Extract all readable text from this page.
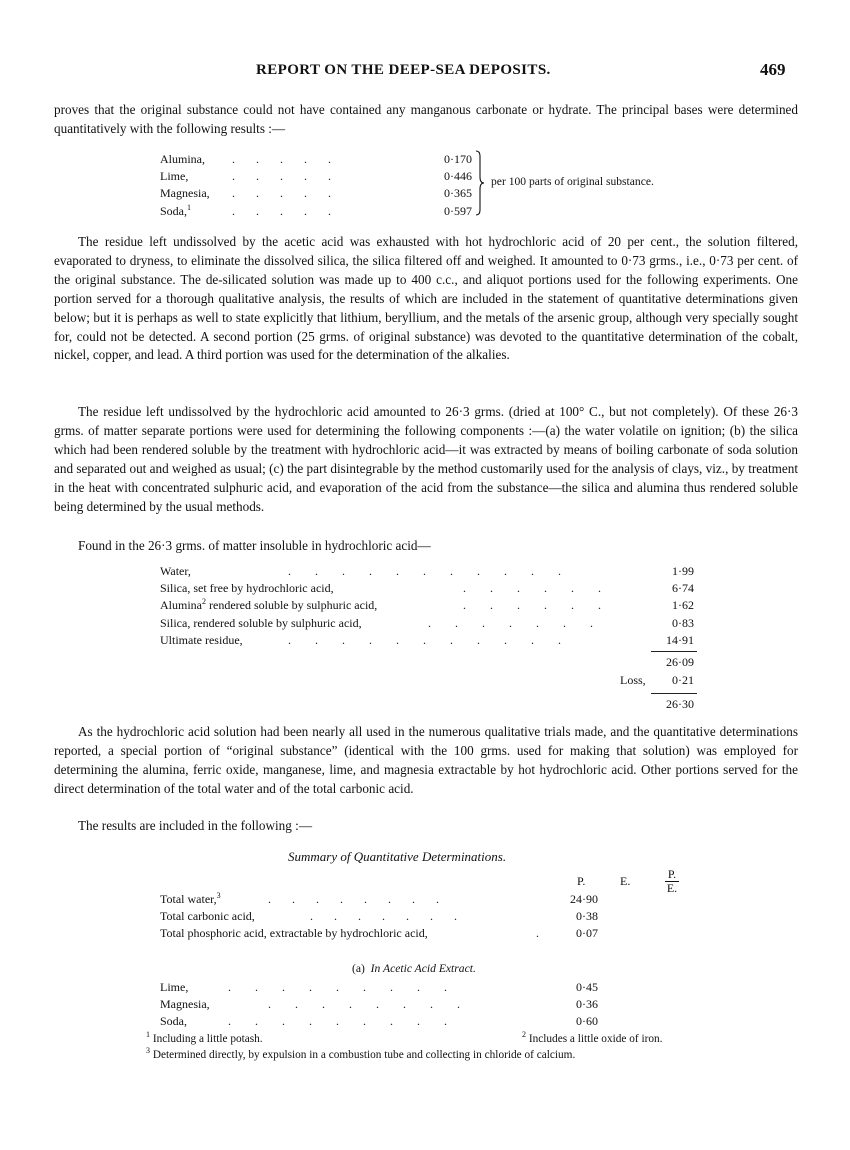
REPORT ON THE DEEP-SEA DEPOSITS.	469

proves that the original substance could not have contained any manganous carbonate or hydrate. The principal bases were determined quantitatively with the following results :—

Alumina, .       .       .       .       .	0·170
Lime,	.       .       .       .       .	0·446
Magnesia, .       .       .       .       .	0·365
Soda,$^1$	.       .       .       .       .	0·597
per 100 parts of original substance.

The residue left undissolved by the acetic acid was exhausted with hot hydrochloric acid of 20 per cent., the solution filtered, evaporated to dryness, to eliminate the dissolved silica, the silica filtered off and weighed. It amounted to 0·73 grms., i.e., 0·73 per cent. of the original substance. The de-silicated solution was made up to 400 c.c., and aliquot portions used for the following experiments. One portion served for a thorough qualitative analysis, the results of which are included in the statement of quantitative determinations given below; but it is perhaps as well to state explicitly that lithium, beryllium, and the metals of the arsenic group, although very specially sought for, could not be detected. A second portion (25 grms. of original substance) was devoted to the quantitative determination of the cobalt, nickel, copper, and lead. A third portion was used for the determination of the alkalies.

The residue left undissolved by the hydrochloric acid amounted to 26·3 grms. (dried at 100° C., but not completely). Of these 26·3 grms. of matter separate portions were used for determining the following components :—(a) the water volatile on ignition; (b) the silica which had been rendered soluble by the treatment with hydrochloric acid—it was extracted by means of boiling carbonate of soda solution and separated out and weighed as usual; (c) the part disintegrable by the method customarily used for the analysis of clays, viz., by treatment in the heat with concentrated sulphuric acid, and evaporation of the acid from the substance—the silica and alumina thus rendered soluble being determined by the usual methods.

Found in the 26·3 grms. of matter insoluble in hydrochloric acid—

Water,	.        .        .        .        .        .        .        .        .        .        .	1·99
Silica, set free by hydrochloric acid,	.        .        .        .        .        .	6·74
Alumina$^2$ rendered soluble by sulphuric acid,	.        .        .        .        .        .	1·62
Silica, rendered soluble by sulphuric acid,	.        .        .        .        .        .        .	0·83
Ultimate residue,	.        .        .        .        .        .        .        .        .        .        .	14·91
26·09
Loss,	0·21
26·30

As the hydrochloric acid solution had been nearly all used in the numerous qualitative trials made, and the quantitative determinations reported, a special portion of “original substance” (identical with the 100 grms. used for making that solution) was employed for determining the alumina, ferric oxide, manganese, lime, and magnesia extractable by hot hydrochloric acid. Other portions served for the direct determination of the total water and of the total carbonic acid.

The results are included in the following :—

Summary of Quantitative Determinations.
P.	E.	$\frac{P.}{E.}$
Total water,$^3$	.       .       .       .       .       .       .       .	24·90
Total carbonic acid,	.       .       .       .       .       .       .	0·38
Total phosphoric acid, extractable by hydrochloric acid,	.	0·07
(a) In Acetic Acid Extract.
Lime,	.        .        .        .        .        .        .        .        .	0·45
Magnesia,	.        .        .        .        .        .        .        .	0·36
Soda,	.        .        .        .        .        .        .        .        .	0·60
$^1$ Including a little potash.	$^2$ Includes a little oxide of iron.
$^3$ Determined directly, by expulsion in a combustion tube and collecting in chloride of calcium.
